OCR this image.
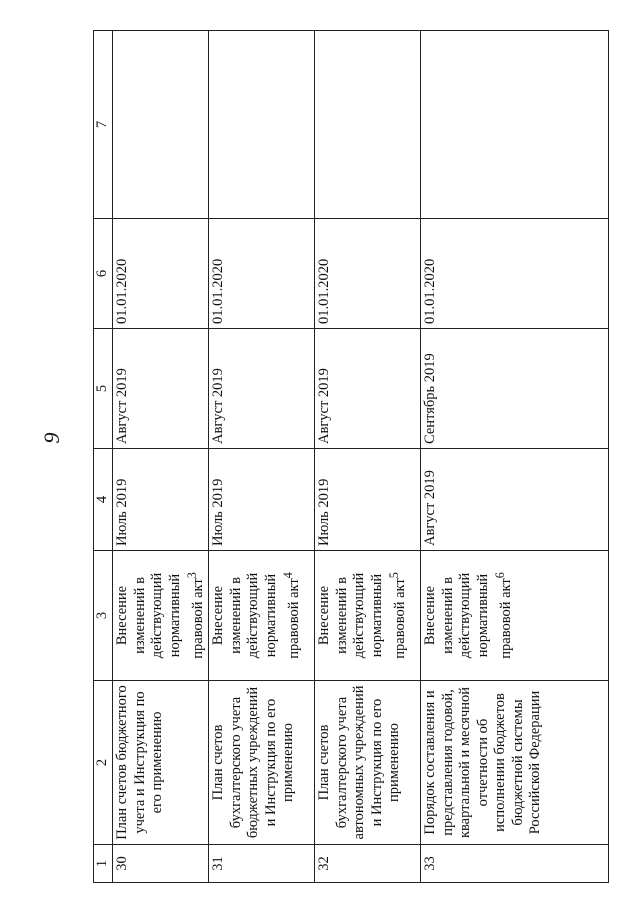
9
1	2	3	4	5	6	7
30	План счетов бюджетного учета и Инструкция по его применению	Внесение изменений в действующий нормативный правовой акт$^3$	Июль 2019	Август 2019	01.01.2020	
31	План счетов бухгалтерского учета бюджетных учреждений и Инструкция по его применению	Внесение изменений в действующий нормативный правовой акт$^4$	Июль 2019	Август 2019	01.01.2020	
32	План счетов бухгалтерского учета автономных учреждений и Инструкция по его применению	Внесение изменений в действующий нормативный правовой акт$^5$	Июль 2019	Август 2019	01.01.2020	
33	Порядок составления и представления годовой, квартальной и месячной отчетности об исполнении бюджетов бюджетной системы Российской Федерации	Внесение изменений в действующий нормативный правовой акт$^6$	Август 2019	Сентябрь 2019	01.01.2020	
